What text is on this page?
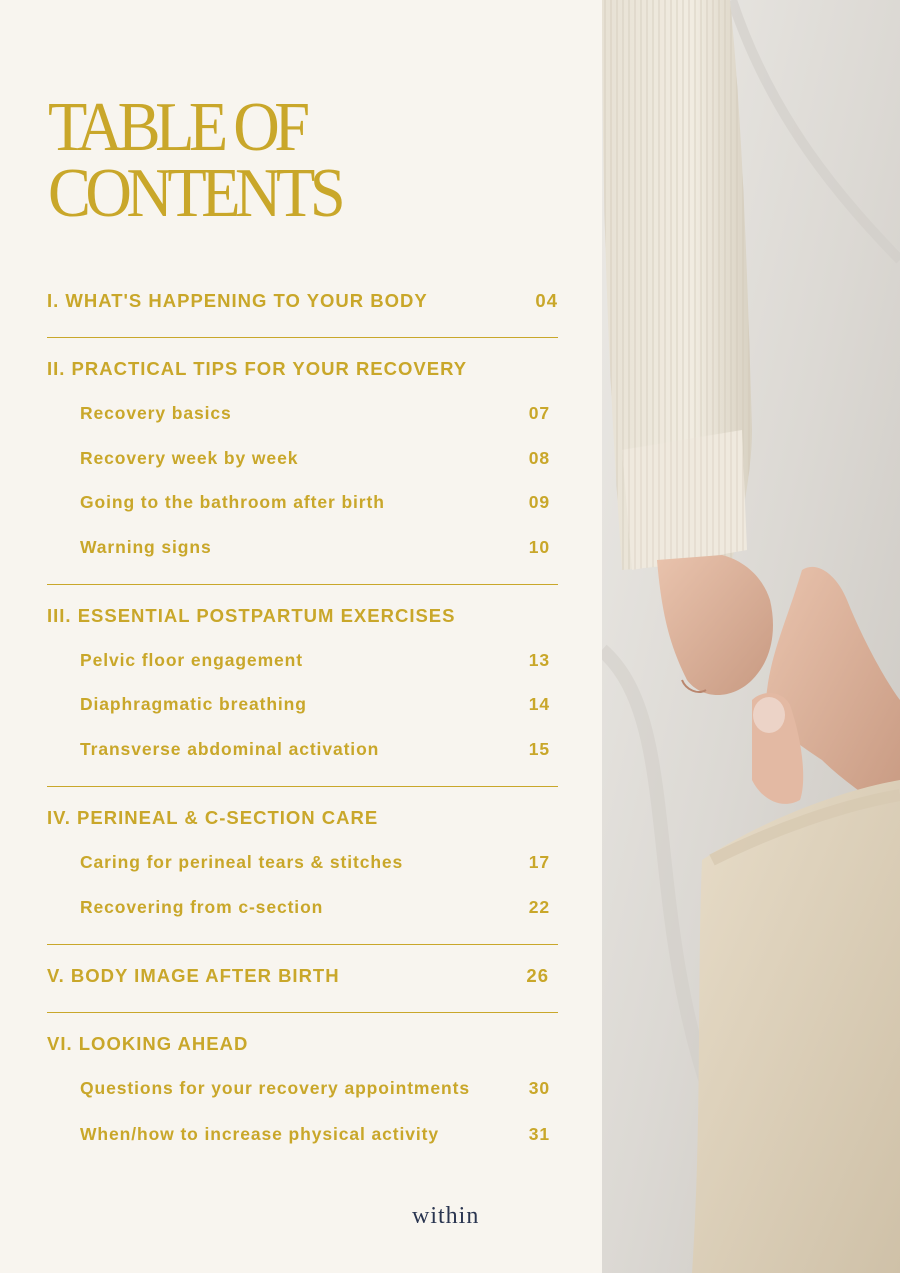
TABLE OF
CONTENTS
I. WHAT'S HAPPENING TO YOUR BODY	04
II. PRACTICAL TIPS FOR YOUR RECOVERY
Recovery basics	07
Recovery week by week	08
Going to the bathroom after birth	09
Warning signs	10
III. ESSENTIAL POSTPARTUM EXERCISES
Pelvic floor engagement	13
Diaphragmatic breathing	14
Transverse abdominal activation	15
IV. PERINEAL & C-SECTION CARE
Caring for perineal tears & stitches	17
Recovering from c-section	22
V. BODY IMAGE AFTER BIRTH	26
VI. LOOKING AHEAD
Questions for your recovery appointments	30
When/how to increase physical activity	31
within
